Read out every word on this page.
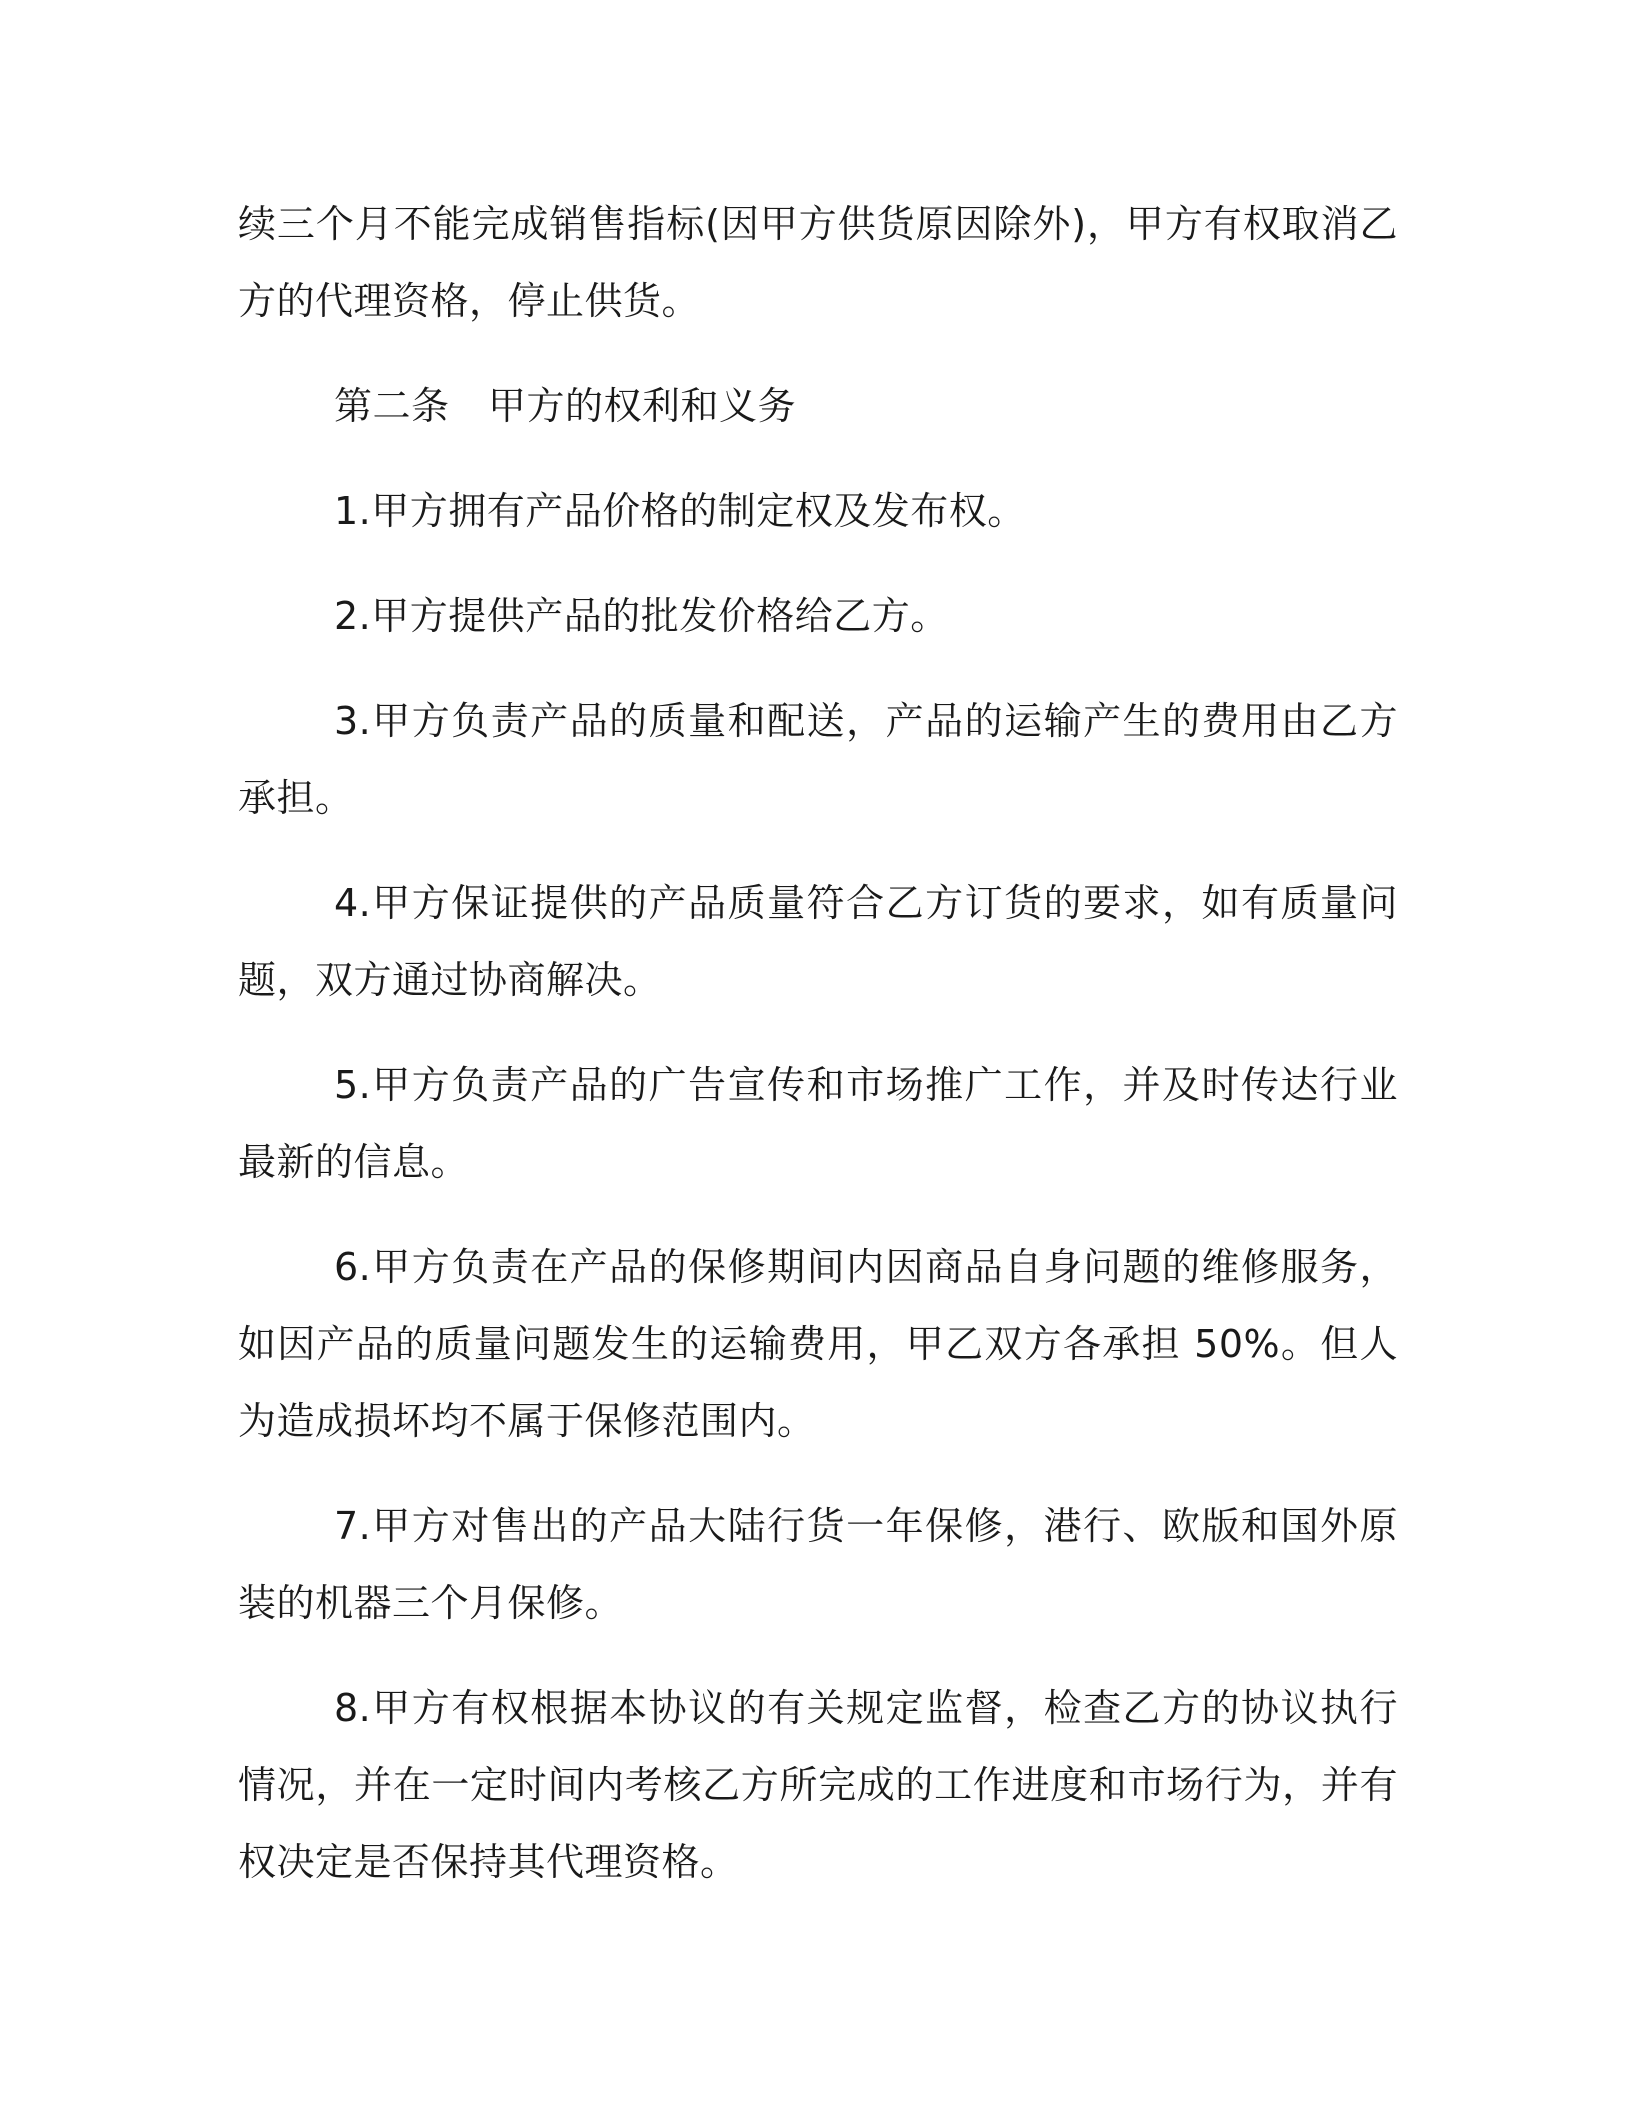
续三个月不能完成销售指标(因甲方供货原因除外)，甲方有权取消乙方的代理资格，停止供货。

第二条　甲方的权利和义务

1.甲方拥有产品价格的制定权及发布权。

2.甲方提供产品的批发价格给乙方。

3.甲方负责产品的质量和配送，产品的运输产生的费用由乙方承担。

4.甲方保证提供的产品质量符合乙方订货的要求，如有质量问题，双方通过协商解决。

5.甲方负责产品的广告宣传和市场推广工作，并及时传达行业最新的信息。

6.甲方负责在产品的保修期间内因商品自身问题的维修服务，如因产品的质量问题发生的运输费用，甲乙双方各承担 50%。但人为造成损坏均不属于保修范围内。

7.甲方对售出的产品大陆行货一年保修，港行、欧版和国外原装的机器三个月保修。

8.甲方有权根据本协议的有关规定监督，检查乙方的协议执行情况，并在一定时间内考核乙方所完成的工作进度和市场行为，并有权决定是否保持其代理资格。
